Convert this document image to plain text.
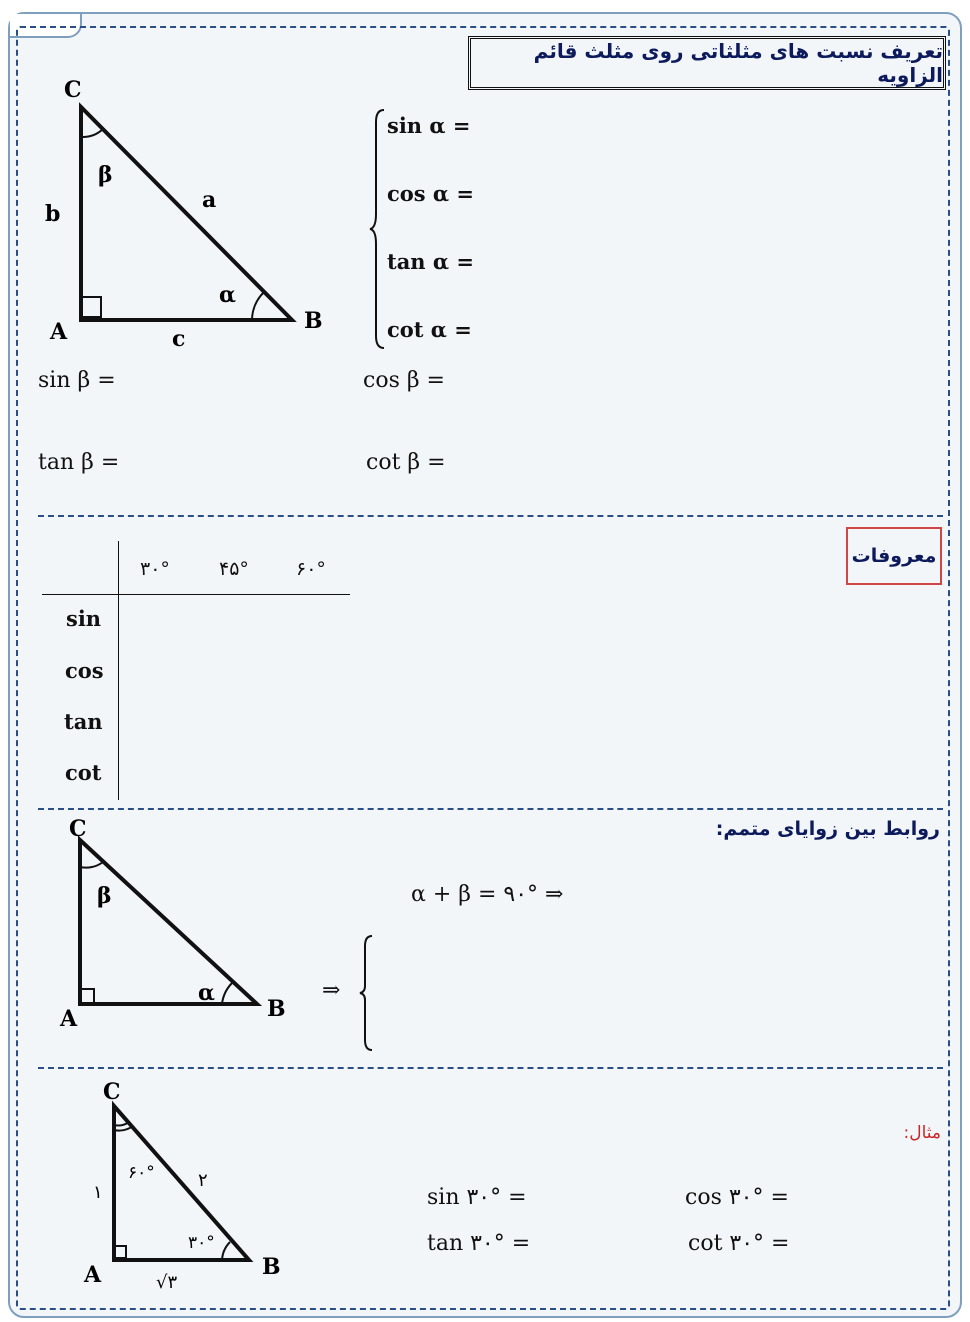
تعریف نسبت های مثلثاتی روی مثلث قائم الزاویه
C
A	B
b
a
c
β
α
sin α =
cos α =
tan α =
cot α =
sin β =	cos β =
tan β =	cot β =
معروفات
۳۰°	۴۵° ۶۰°
sin
cos
tan
cot
روابط بین زوایای متمم:
C
A	B
β
α
α + β = ۹۰° ⇒
⇒
مثال:
C
A	B
۱
۲
√۳
۶۰°
۳۰°
sin ۳۰° =	cos ۳۰° =
tan ۳۰° =	cot ۳۰° =
